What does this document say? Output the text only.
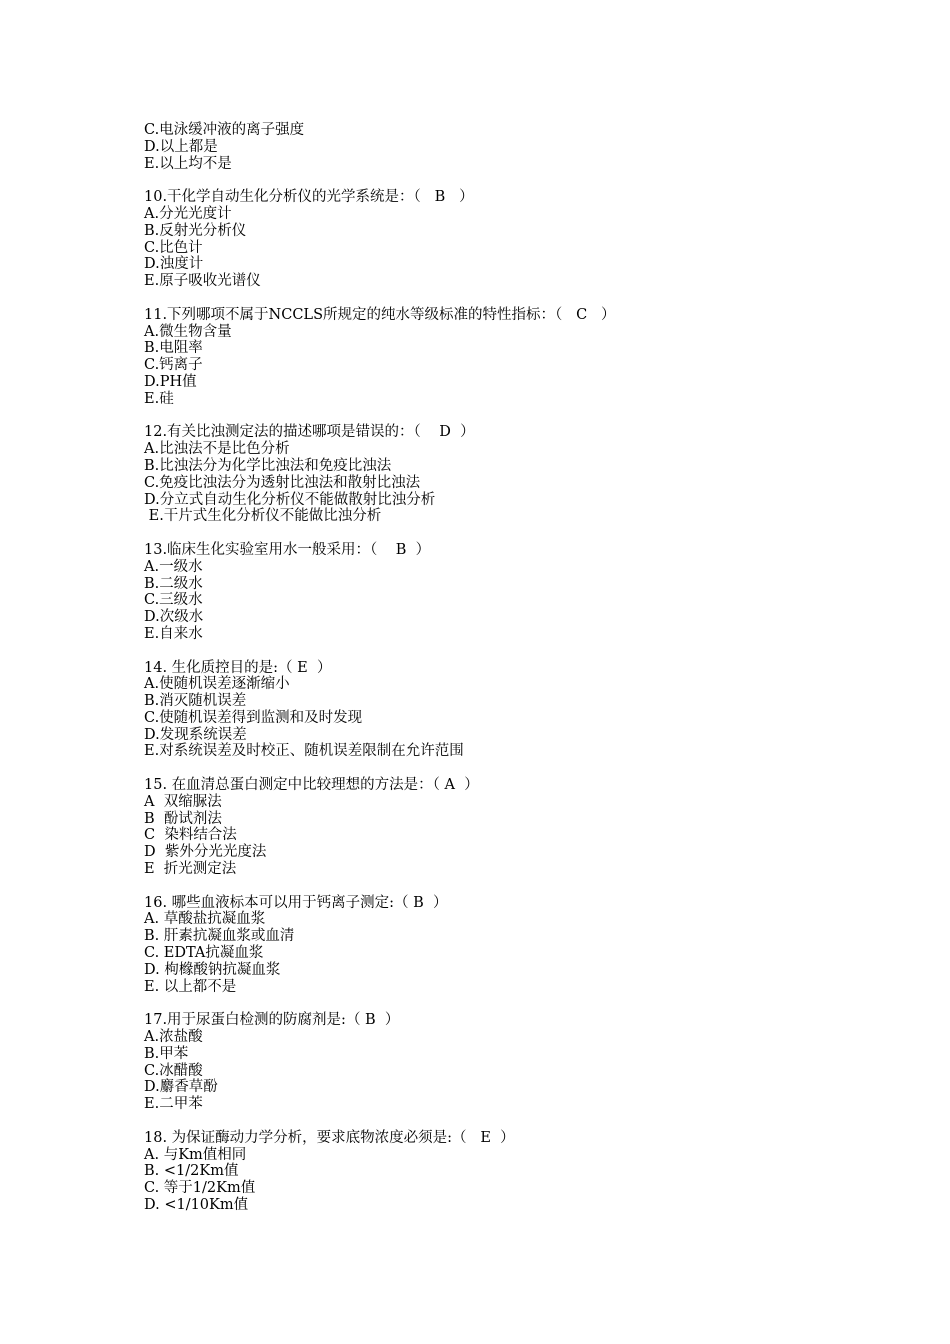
C.电泳缓冲液的离子强度
D.以上都是
E.以上均不是
10.干化学自动生化分析仪的光学系统是：（   B   ）
A.分光光度计
B.反射光分析仪
C.比色计
D.浊度计
E.原子吸收光谱仪
11.下列哪项不属于NCCLS所规定的纯水等级标准的特性指标：（   C   ）
A.微生物含量
B.电阻率
C.钙离子
D.PH值
E.硅
12.有关比浊测定法的描述哪项是错误的：（    D  ）
A.比浊法不是比色分析
B.比浊法分为化学比浊法和免疫比浊法
C.免疫比浊法分为透射比浊法和散射比浊法
D.分立式自动生化分析仪不能做散射比浊分析
E.干片式生化分析仪不能做比浊分析
13.临床生化实验室用水一般采用：（    B  ）
A.一级水
B.二级水
C.三级水
D.次级水
E.自来水
14. 生化质控目的是:（ E  ）
A.使随机误差逐渐缩小
B.消灭随机误差
C.使随机误差得到监测和及时发现
D.发现系统误差
E.对系统误差及时校正、随机误差限制在允许范围
15. 在血清总蛋白测定中比较理想的方法是：（ A  ）
A  双缩脲法
B  酚试剂法
C  染料结合法
D  紫外分光光度法
E  折光测定法
16. 哪些血液标本可以用于钙离子测定:（ B  ）
A. 草酸盐抗凝血浆
B. 肝素抗凝血浆或血清
C. EDTA抗凝血浆
D. 枸橼酸钠抗凝血浆
E. 以上都不是
17.用于尿蛋白检测的防腐剂是:（ B  ）
A.浓盐酸
B.甲苯
C.冰醋酸
D.麝香草酚
E.二甲苯
18. 为保证酶动力学分析，要求底物浓度必须是:（   E  ）
A. 与Km值相同
B. <1/2Km值
C. 等于1/2Km值
D. <1/10Km值
